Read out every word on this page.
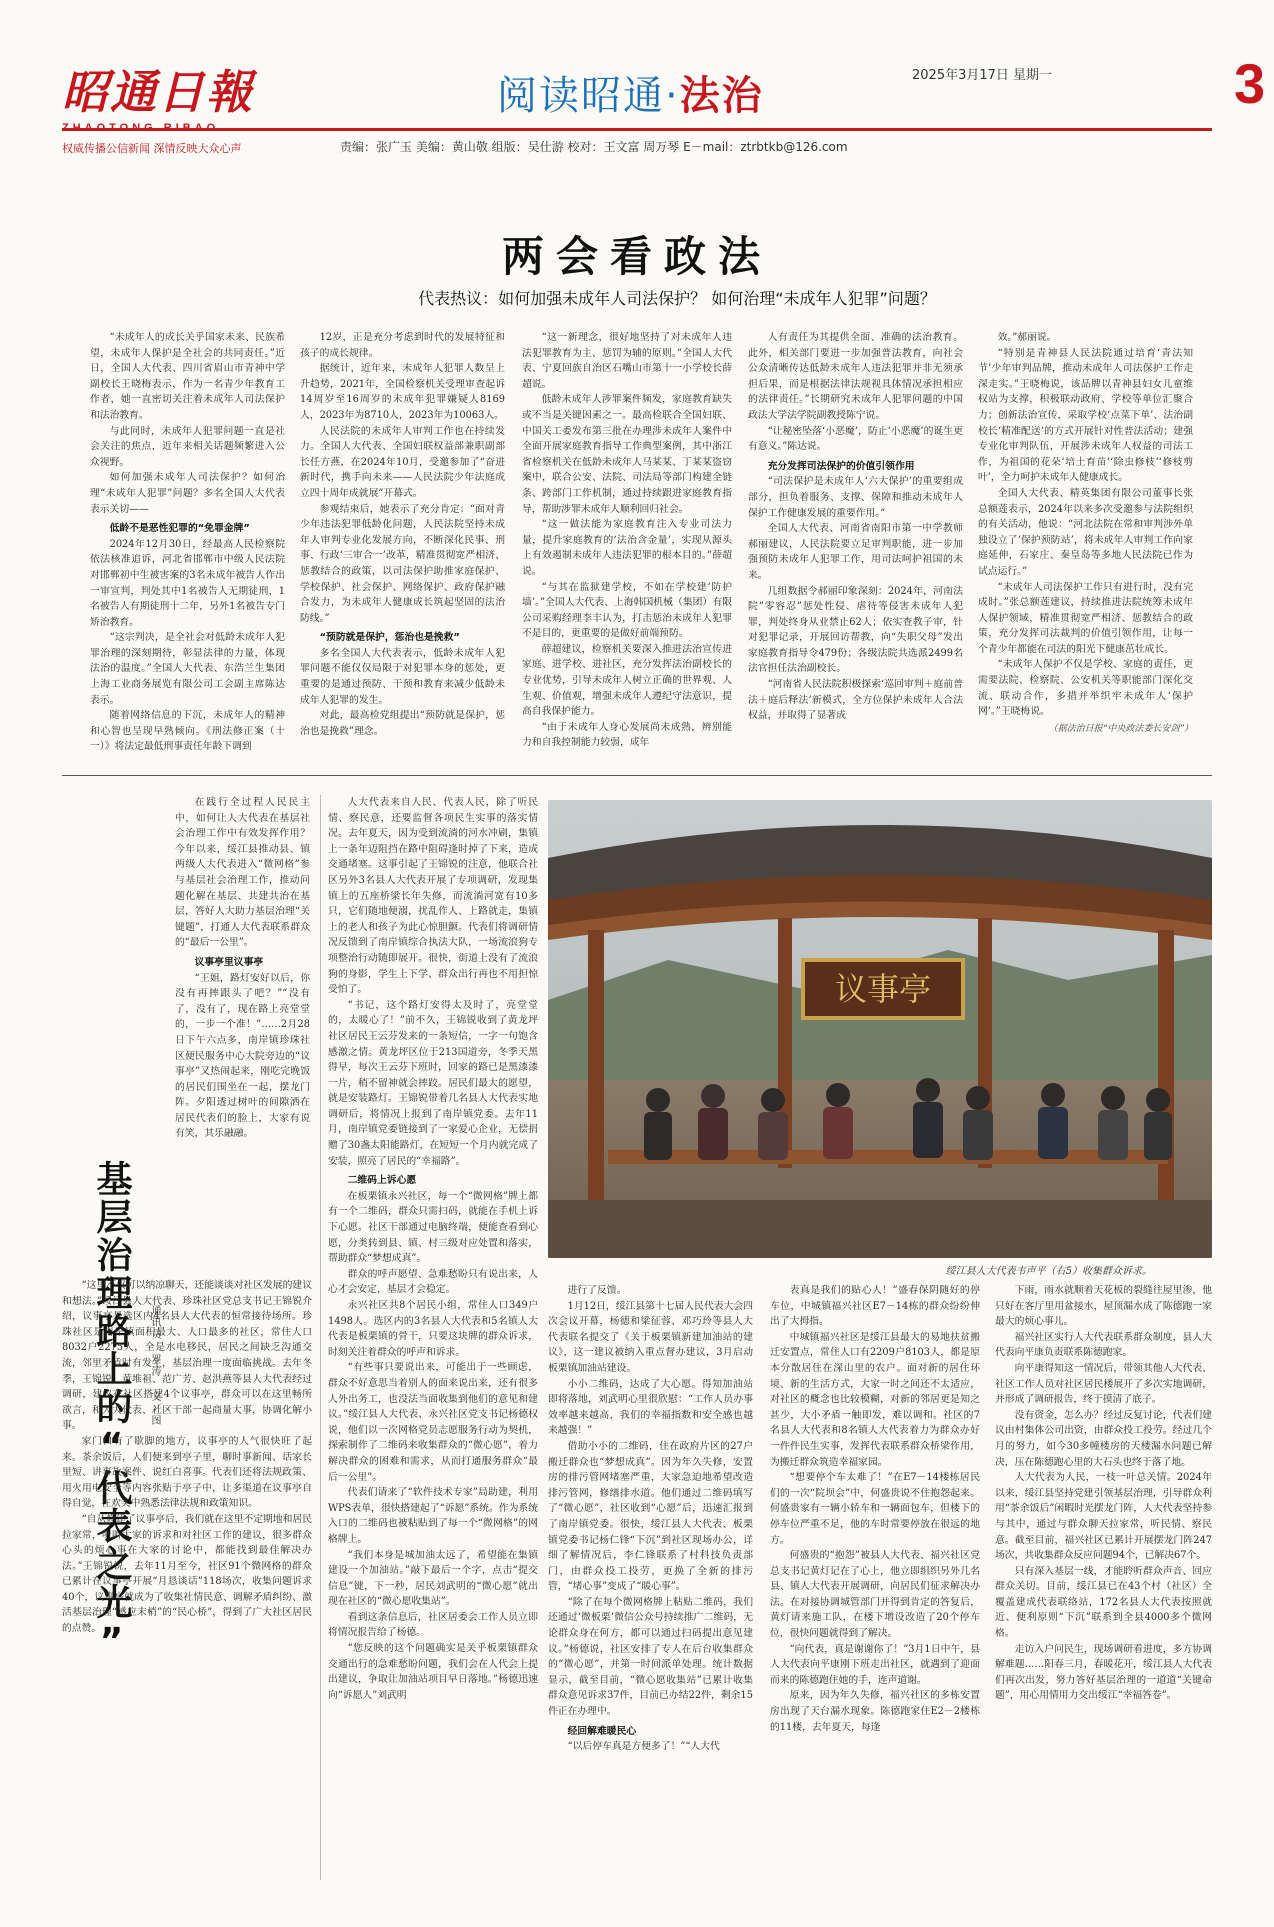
昭通日報
权威传播公信新闻 深情反映大众心声
阅读昭通·法治	2025年3月17日 星期一	3
责编：张广玉 美编：黄山敬 组版：吴仕游 校对：王文富 周万琴 E－mail：ztrbtkb@126.com
两会看政法
代表热议：如何加强未成年人司法保护？ 如何治理“未成年人犯罪”问题？

“未成年人的成长关乎国家未来、民族希望，未成年人保护是全社会的共同责任。”近日，全国人大代表、四川省眉山市青神中学副校长王晓梅表示，作为一名青少年教育工作者，她一直密切关注着未成年人司法保护和法治教育。

与此同时，未成年人犯罪问题一直是社会关注的焦点，近年来相关话题频繁进入公众视野。

如何加强未成年人司法保护？如何治理“未成年人犯罪”问题？多名全国人大代表表示关切——

低龄不是恶性犯罪的“免罪金牌”

2024年12月30日，经最高人民检察院依法核准追诉，河北省邯郸市中级人民法院对邯郸初中生被害案的3名未成年被告人作出一审宣判，判处其中1名被告人无期徒刑，1名被告人有期徒刑十二年，另外1名被告专门矫治教育。

“这宗判决，是全社会对低龄未成年人犯罪治理的深刻期待，彰显法律的力量，体现法治的温度。”全国人大代表、东浩兰生集团上海工业商务展览有限公司工会副主席陈达表示。

随着网络信息的下沉，未成年人的精神和心智也呈现早熟倾向。《刑法修正案（十一）》将法定最低刑事责任年龄下调到

12岁，正是充分考虑到时代的发展特征和孩子的成长规律。

据统计，近年来，未成年人犯罪人数呈上升趋势，2021年，全国检察机关受理审查起诉14周岁至16周岁的未成年犯罪嫌疑人8169人，2023年为8710人，2023年为10063人。

人民法院的未成年人审判工作也在持续发力。全国人大代表、全国妇联权益部兼职副部长任方燕，在2024年10月，受邀参加了“奋进新时代，携手向未来——人民法院少年法庭成立四十周年成就展”开幕式。

参观结束后，她表示了充分肯定：“面对青少年违法犯罪低龄化问题，人民法院坚持未成年人审判专业化发展方向，不断深化民事、刑事、行政‘三审合一’改革，精准贯彻宽严相济、惩教结合的政策，以司法保护助推家庭保护、学校保护、社会保护、网络保护、政府保护融合发力，为未成年人健康成长筑起坚固的法治防线。”

“预防就是保护，惩治也是挽救”

多名全国人大代表表示，低龄未成年人犯罪问题不能仅仅局限于对犯罪本身的惩处，更重要的是通过预防、干预和教育来减少低龄未成年人犯罪的发生。

对此，最高检党组提出“预防就是保护，惩治也是挽救”理念。

“这一新理念，很好地坚持了对未成年人违法犯罪教育为主、惩罚为辅的原则。”全国人大代表、宁夏回族自治区石嘴山市第十一小学校长薛超说。

低龄未成年人涉罪案件频发，家庭教育缺失或不当是关键因素之一。最高检联合全国妇联、中国关工委发布第三批在办理涉未成年人案件中全面开展家庭教育指导工作典型案例，其中浙江省检察机关在低龄未成年人马某某、丁某某盗窃案中，联合公安、法院、司法局等部门构建全链条、跨部门工作机制，通过持续跟进家庭教育指导，帮助涉罪未成年人顺利回归社会。

“这一做法能为家庭教育注入专业司法力量，提升家庭教育的‘法治含金量’，实现从源头上有效遏制未成年人违法犯罪的根本目的。”薛超说。

“与其在监狱建学校，不如在学校建‘防护墙’。”全国人大代表、上海韩国机械（集团）有限公司采购经理李丰认为，打击惩治未成年人犯罪不是目的，更重要的是做好前端预防。

薛超建议，检察机关要深入推进法治宣传进家庭、进学校、进社区，充分发挥法治副校长的专业优势，引导未成年人树立正确的世界观、人生观、价值观，增强未成年人遵纪守法意识，提高自我保护能力。

“由于未成年人身心发展尚未成熟，辨别能力和自我控制能力较弱，成年

人有责任为其提供全面、准确的法治教育。此外，相关部门要进一步加强普法教育，向社会公众清晰传达低龄未成年人违法犯罪并非无须承担后果，而是根据法律法规视具体情况承担相应的法律责任。”长期研究未成年人犯罪问题的中国政法大学法学院副教授陈宁说。

“让秘密坠落‘小恶魔’，防止‘小恶魔’的诞生更有意义。”陈达说。

充分发挥司法保护的价值引领作用

“司法保护是未成年人‘六大保护’的重要组成部分，担负着服务、支撑、保障和推动未成年人保护工作健康发展的重要作用。”

全国人大代表、河南省南阳市第一中学教师郝丽建议，人民法院要立足审判职能，进一步加强预防未成年人犯罪工作，用司法呵护祖国的未来。

几组数据令郝丽印象深刻：2024年，河南法院“零容忍”惩处性侵、虐待等侵害未成年人犯罪，判处终身从业禁止62人；依实查教子审，针对犯罪记录，开展回访帮教，向“失职父母”发出家庭教育指导令479份；各级法院共选派2499名法官担任法治副校长。

“河南省人民法院积极探索‘巡回审判＋庭前普法＋庭后释法’新模式，全方位保护未成年人合法权益，并取得了显著成

效。”郝丽说。

“特别是青神县人民法院通过培育‘青法知节’少年审判品牌，推动未成年人司法保护工作走深走实。”王晓梅说，该品牌以青神县妇女儿童维权站为支撑，积极联动政府、学校等单位汇聚合力；创新法治宣传，采取学校‘点菜下单’、法治副校长‘精准配送’的方式开展针对性普法活动；建强专业化审判队伍，开展涉未成年人权益的司法工作，为祖国的花朵‘培土育苗’‘除虫修枝’‘修枝剪叶’，全力呵护未成年人健康成长。

全国人大代表、精英集团有限公司董事长张总额莲表示，2024年以来多次受邀参与法院组织的有关活动，他说：“河北法院在常和审判涉外单独设立了‘保护预防站’，将未成年人审判工作向家庭延伸，石家庄、秦皇岛等多地人民法院已作为试点运行。”

“未成年人司法保护工作只有进行时，没有完成时。”张总额莲建议，持续推进法院统筹未成年人保护领域，精准贯彻宽严相济、惩教结合的政策，充分发挥司法裁判的价值引领作用，让每一个青少年都能在司法的阳光下健康茁壮成长。

“未成年人保护不仅是学校、家庭的责任，更需要法院、检察院、公安机关等职能部门深化交流、联动合作，多措并举织牢未成年人‘保护网’。”王晓梅说。

（据法治日报“中央政法委长安剑”）
基层治理路上的“代表之光” 通讯员 罗涛 文／图

在践行全过程人民民主中，如何让人大代表在基层社会治理工作中有效发挥作用？今年以来，绥江县推动县、镇两级人大代表进入“微网格”参与基层社会治理工作，推动问题化解在基层、共建共治在基层，答好人大助力基层治理“关键题”，打通人大代表联系群众的“最后一公里”。

议事亭里议事亭

“王姐，路灯安好以后，你没有再摔跟头了吧？”“没有了，没有了，现在路上亮堂堂的，一步一个准！”……2月28日下午六点多，南岸镇珍珠社区便民服务中心大院旁边的“议事亭”又热闹起来，刚吃完晚饭的居民们围坐在一起，摆龙门阵。夕阳透过树叶的间隙洒在居民代表们的脸上，大家有说有笑，其乐融融。

“这里不仅可以纳凉聊天，还能谈谈对社区发展的建议和想法。”绥江县人大代表、珍珠社区党总支书记王锦锐介绍，议事亭是选区内4名县人大代表的恒常接待场所。珍珠社区是南岸镇面积最大、人口最多的社区，常住人口8032户2275人，全是水电移民，居民之间缺乏沟通交流，邻里矛盾时有发生，基层治理一度面临挑战。去年冬季，王锦锐、黄堆祖、范广芳、赵洪燕等县人大代表经过调研，建议在社区搭建4个议事亭，群众可以在这里畅所欲言，和人大代表、社区干部一起商量大事，协调化解小事。

家门口有了歇脚的地方，议事亭的人气很快旺了起来。茶余饭后，人们便来到亭子里，聊时事新闻、话家长里短、讲事故案件、说红白喜事。代表们还将法规政策、用火用电安全等内容张贴于亭子中，让多渠道在议事亭自得自觉，在欢笑中熟悉法律法规和政策知识。

“自从修建了议事亭后，我们就在这里不定期地和居民拉家常，听听大家的诉求和对社区工作的建议，很多群众心头的烦心事在大家的讨论中，都能找到最佳解决办法。”王锦锐说，去年11月至今，社区91个微网格的群众已累计在议事亭开展“月恳谈话”118场次，收集问题诉求40个，议事亭就成为了收集社情民意、调解矛盾纠纷、激活基层治理“感应末梢”的“民心桥”，得到了广大社区居民的点赞。

人大代表来自人民、代表人民，除了听民情、察民意，还要监督各项民生实事的落实情况。去年夏天，因为受到流淌的河水冲刷，集镇上一条年迈阻挡在路中阻碍逢时掉了下来，造成交通堵塞。这事引起了王锦锐的注意，他联合社区另外3名县人大代表开展了专项调研，发现集镇上的五座桥梁长年失修，而流淌河宽有10多只，它们随地便溺，扰乱作人、上路就走，集镇上的老人和孩子为此心惊胆颤。代表们将调研情况反馈到了南岸镇综合执法大队，一场流浪狗专项整治行动随即展开。很快，街道上没有了流浪狗的身影，学生上下学、群众出行再也不用担惊受怕了。

“书记，这个路灯安得太及时了，亮堂堂的，太暖心了！”前不久，王锦锐收到了黄龙坪社区居民王云芬发来的一条短信，一字一句饱含感激之情。黄龙坪区位于213国道旁，冬季天黑得早，每次王云芬下班时，回家的路已是黑漆漆一片，稍不留神就会摔跤。居民们最大的愿望，就是安装路灯。王锦锐带着几名县人大代表实地调研后，将情况上报到了南岸镇党委。去年11月，南岸镇党委链接到了一家爱心企业，无偿捐赠了30盏太阳能路灯，在短短一个月内就完成了安装，照亮了居民的“幸福路”。

二维码上诉心愿

在板栗镇永兴社区，每一个“微网格”牌上都有一个二维码，群众只需扫码，就能在手机上诉下心愿。社区干部通过电脑终端，便能查看到心愿，分类转到县、镇、村三级对应处置和落实，帮助群众“梦想成真”。

群众的呼声愿望、急难愁盼只有说出来，人心才会安定，基层才会稳定。

永兴社区共8个居民小组，常住人口349户1498人。选区内的3名县人大代表和5名镇人大代表是板栗镇的骨干，只要这块牌的群众诉求，时刻关注着群众的呼声和诉求。

“有些事只要说出来，可能出于一些顾虑，群众不好意思当着别人的面来说出来，还有很多人外出务工，也没法当面收集到他们的意见和建议。”绥江县人大代表、永兴社区党支书记杨德权说，他们以一次网格党员志愿服务行动为契机，探索制作了二维码来收集群众的“微心愿”，着力解决群众的困难和需求，从而打通服务群众“最后一公里”。

代表们请来了“软件技术专家”局助建，利用WPS表单，很快搭建起了“诉愿”系统。作为系统入口的二维码也被粘贴到了每一个“微网格”的网格牌上。

“我们本身是城加油太远了，希望能在集镇建设一个加油站。”敲下最后一个字，点击“提交信息”键，下一秒，居民刘武明的“微心愿”就出现在社区的“微心愿收集站”。

看到这条信息后，社区居委会工作人员立即将情况报告给了杨德。

“您反映的这个问题确实是关乎板栗镇群众交通出行的急难愁盼问题，我们会在人代会上提出建议，争取让加油站项目早日落地。”杨德迅速向“诉愿人”刘武明

议事亭
绥江县人大代表韦声平（右5）收集群众诉求。

进行了反馈。

1月12日，绥江县第十七届人民代表大会四次会议开幕，杨德和梁征蓉、邓巧玲等县人大代表联名提交了《关于板栗镇新建加油站的建议》，这一建议被纳入重点督办建议，3月启动板栗镇加油站建设。

小小二维码，达成了大心愿。得知加油站即将落地，刘武明心里很欣慰：“工作人员办事效率越来越高，我们的幸福指数和安全感也越来越强！”

借助小小的二维码，住在政府片区的27户搬迁群众也“梦想成真”。因为年久失修，安置房的排污管网堵塞严重，大家急迫地希望改造排污管网，修缮排水道。他们通过二维码填写了“微心愿”，社区收到“心愿”后，迅速汇报到了南岸镇党委。很快，绥江县人大代表、板栗镇党委书记杨仁锋“下沉”到社区现场办公，详细了解情况后，李仁锋联系了村科技负责部门，由群众投工投劳，更换了全新的排污管，“堵心事”变成了“暖心事”。

“除了在每个微网格牌上粘贴二维码，我们还通过‘微板栗’微信公众号持续推广二维码，无论群众身在何方，都可以通过扫码提出意见建议。”杨德说，社区安排了专人在后台收集群众的“微心愿”，并第一时间派单处理。统计数据显示，截至目前，“微心愿收集站”已累计收集群众意见诉求37件，目前已办结22件，剩余15件正在办理中。

经回解难暖民心

“以后停车真是方便多了！”“人大代

表真是我们的贴心人！”盛春保阴随好的停车位，中城镇福兴社区E7－14栋的群众纷纷伸出了大拇指。

中城镇福兴社区是绥江县最大的易地扶贫搬迁安置点，常住人口有2209户8103人，都是原本分散居住在深山里的农户。面对新的居住环境、新的生活方式，大家一时之间还不太适应，对社区的概念也比较模糊，对新的邻居更是知之甚少，大小矛盾一触即发，难以调和。社区的7名县人大代表和8名镇人大代表着力为群众办好一件件民生实事，发挥代表联系群众桥梁作用，为搬迁群众筑造幸福家园。

“想要停个车太难了！”在E7－14楼栋居民们的一次“院坝会”中，何盛贵说不住抱怨起来。何盛贵家有一辆小轿车和一辆面包车，但楼下的停车位严重不足，他的车时常要停放在很远的地方。

何盛贵的“抱怨”被县人大代表、福兴社区党总支书记黄灯记在了心上，他立即组织另外几名县、镇人大代表开展调研，向居民们征求解决办法。在对接协调城管部门并得到肯定的答复后，黄灯请来施工队，在楼下增设改造了20个停车位，很快问题就得到了解决。

“向代表，真是谢谢你了！”3月1日中午，县人大代表向平康刚下班走出社区，就遇到了迎面而来的陈德跑住她的手，连声道谢。

原来，因为年久失修，福兴社区的多栋安置房出现了天台漏水现象。陈德跑家住E2－2楼栋的11楼，去年夏天，每逢

下雨，雨水就顺着天花板的裂缝往屋里渗，他只好在客厅里用盆接水，屋顶漏水成了陈德跑一家最大的烦心事儿。

福兴社区实行人大代表联系群众制度，县人大代表向平康负责联系陈德跑家。

向平康得知这一情况后，带领其他人大代表、社区工作人员对社区居民楼展开了多次实地调研，并形成了调研报告，终于摸清了底子。

没有资金，怎么办？经过反复讨论，代表们建议由村集体公司出资，由群众投工投劳。经过几个月的努力，如今30多幢楼房的天楼漏水问题已解决，压在陈德跑心里的大石头也终于落了地。

人大代表为人民，一枝一叶总关情。2024年以来，绥江县坚持党建引领基层治理，引导群众利用“茶余饭后”闲暇时光摆龙门阵，人大代表坚持参与其中，通过与群众聊天拉家常，听民情、察民意。截至目前，福兴社区已累计开展摆龙门阵247场次，共收集群众反应问题94个，已解决67个。

只有深入基层一线，才能聆听群众声音、回应群众关切。目前，绥江县已在43个村（社区）全覆盖建成代表联络站，172名县人大代表按照就近、便利原则“下沉”联系到全县4000多个微网格。

走访入户问民生，现场调研看进度，多方协调解难题……阳春三月，春暖花开，绥江县人大代表们再次出发，努力答好基层治理的一道道“关键命题”，用心用情用力交出绥江“幸福答卷”。
